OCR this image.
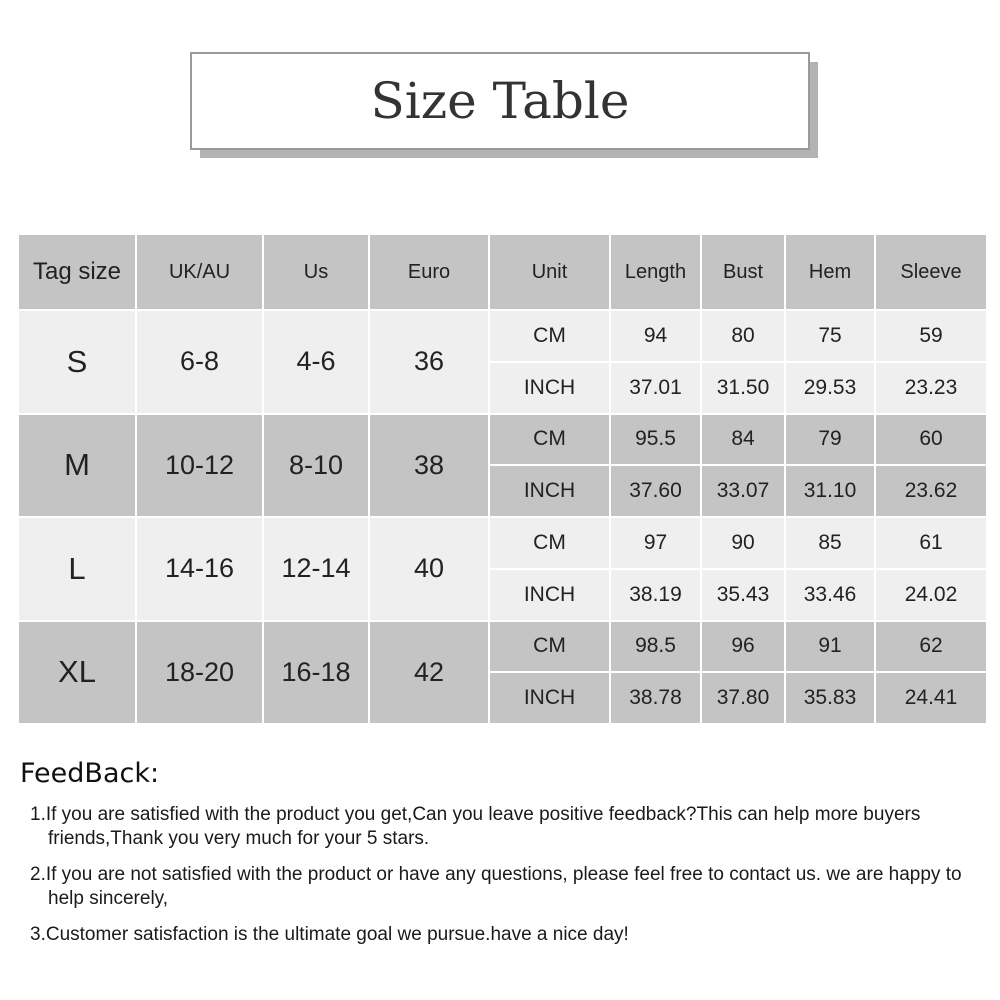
Size Table
Tag size	UK/AU	Us	Euro	Unit	Length	Bust	Hem	Sleeve
S	6-8	4-6	36	CM	94	80	75	59
				INCH	37.01	31.50	29.53	23.23
M	10-12	8-10	38	CM	95.5	84	79	60
				INCH	37.60	33.07	31.10	23.62
L	14-16	12-14	40	CM	97	90	85	61
				INCH	38.19	35.43	33.46	24.02
XL	18-20	16-18	42	CM	98.5	96	91	62
				INCH	38.78	37.80	35.83	24.41
FeedBack:
1.If you are satisfied with the product you get,Can you leave positive feedback?This can help more buyers friends,Thank you very much for your 5 stars.
2.If you are not satisfied with the product or have any questions, please feel free to contact us. we are happy to help sincerely,
3.Customer satisfaction is the ultimate goal we pursue.have a nice day!
